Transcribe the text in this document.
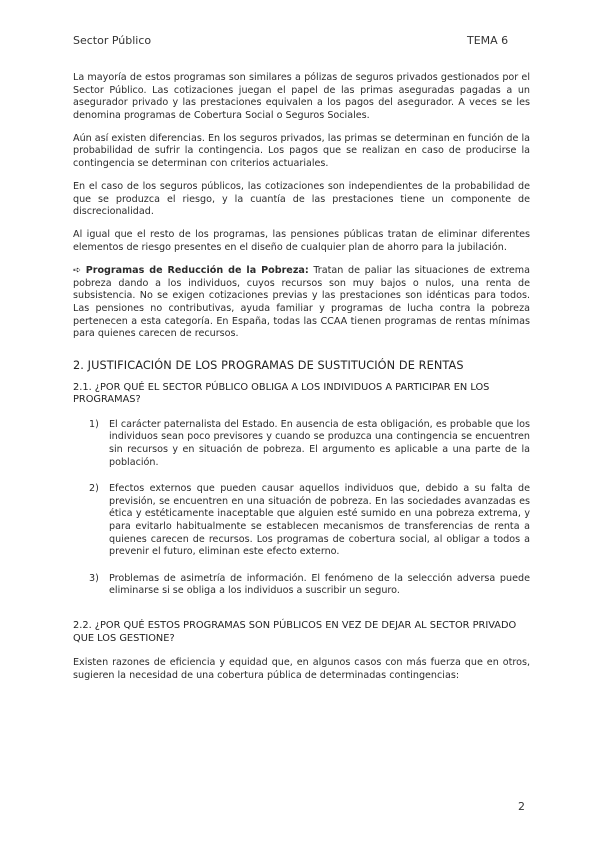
Sector Público	TEMA 6

La mayoría de estos programas son similares a pólizas de seguros privados gestionados por el Sector Público. Las cotizaciones juegan el papel de las primas aseguradas pagadas a un asegurador privado y las prestaciones equivalen a los pagos del asegurador. A veces se les denomina programas de Cobertura Social o Seguros Sociales.

Aún así existen diferencias. En los seguros privados, las primas se determinan en función de la probabilidad de sufrir la contingencia. Los pagos que se realizan en caso de producirse la contingencia se determinan con criterios actuariales.

En el caso de los seguros públicos, las cotizaciones son independientes de la probabilidad de que se produzca el riesgo, y la cuantía de las prestaciones tiene un componente de discrecionalidad.

Al igual que el resto de los programas, las pensiones públicas tratan de eliminar diferentes elementos de riesgo presentes en el diseño de cualquier plan de ahorro para la jubilación.

➪ Programas de Reducción de la Pobreza: Tratan de paliar las situaciones de extrema pobreza dando a los individuos, cuyos recursos son muy bajos o nulos, una renta de subsistencia. No se exigen cotizaciones previas y las prestaciones son idénticas para todos. Las pensiones no contributivas, ayuda familiar y programas de lucha contra la pobreza pertenecen a esta categoría. En España, todas las CCAA tienen programas de rentas mínimas para quienes carecen de recursos.

2. JUSTIFICACIÓN DE LOS PROGRAMAS DE SUSTITUCIÓN DE RENTAS
2.1. ¿POR QUÉ EL SECTOR PÚBLICO OBLIGA A LOS INDIVIDUOS A PARTICIPAR EN LOS PROGRAMAS?
1)	El carácter paternalista del Estado. En ausencia de esta obligación, es probable que los individuos sean poco previsores y cuando se produzca una contingencia se encuentren sin recursos y en situación de pobreza. El argumento es aplicable a una parte de la población.

2)	Efectos externos que pueden causar aquellos individuos que, debido a su falta de previsión, se encuentren en una situación de pobreza. En las sociedades avanzadas es ética y estéticamente inaceptable que alguien esté sumido en una pobreza extrema, y para evitarlo habitualmente se establecen mecanismos de transferencias de renta a quienes carecen de recursos. Los programas de cobertura social, al obligar a todos a prevenir el futuro, eliminan este efecto externo.

3)	Problemas de asimetría de información. El fenómeno de la selección adversa puede eliminarse si se obliga a los individuos a suscribir un seguro.

2.2. ¿POR QUÉ ESTOS PROGRAMAS SON PÚBLICOS EN VEZ DE DEJAR AL SECTOR PRIVADO QUE LOS GESTIONE?

Existen razones de eficiencia y equidad que, en algunos casos con más fuerza que en otros, sugieren la necesidad de una cobertura pública de determinadas contingencias:

2
